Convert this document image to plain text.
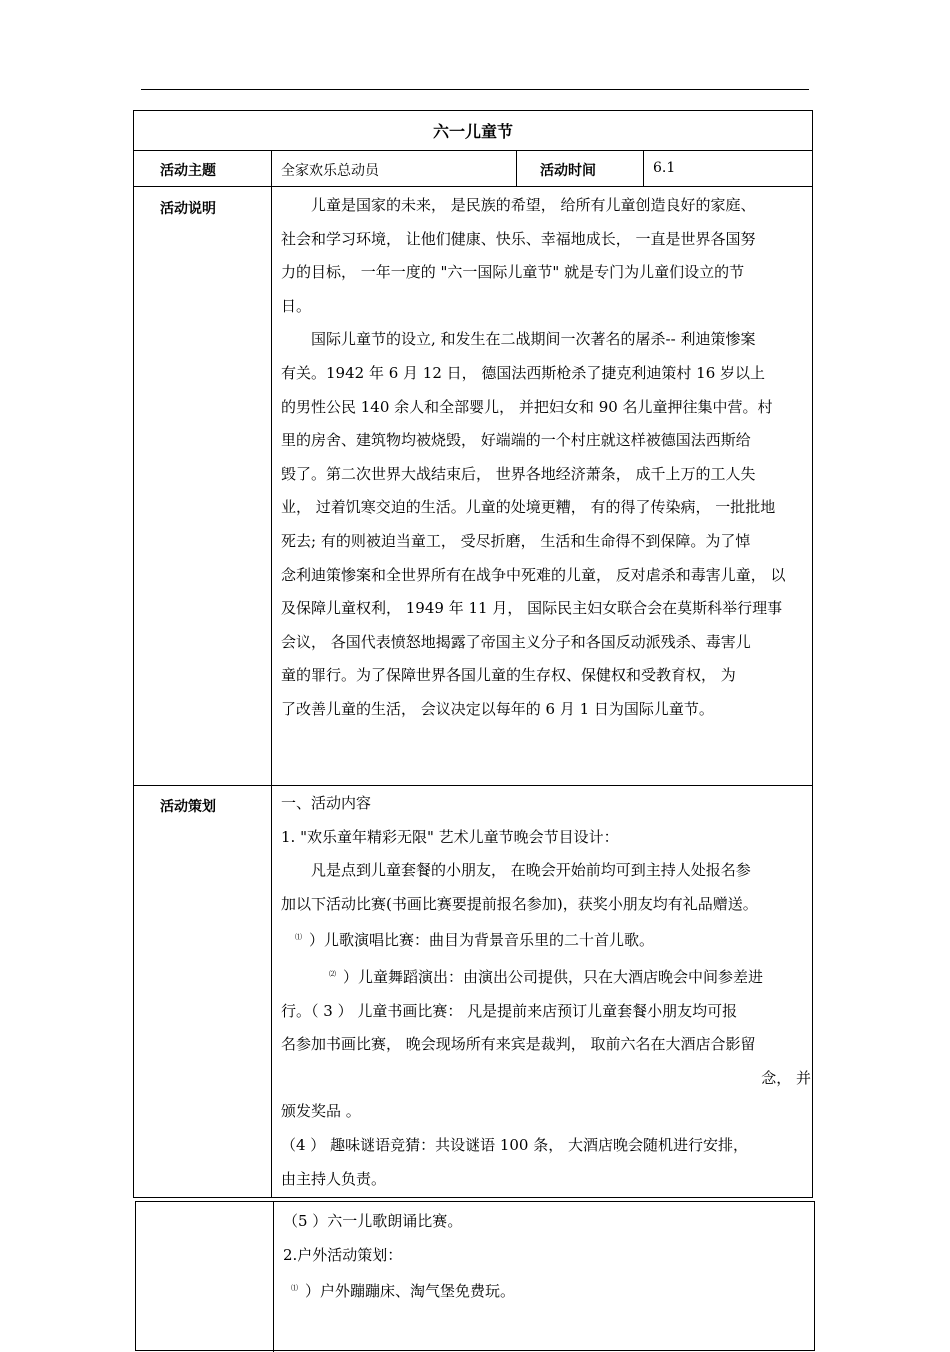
六一儿童节
活动主题	全家欢乐总动员	活动时间	6.1
活动说明	儿童是国家的未来， 是民族的希望， 给所有儿童创造良好的家庭、

社会和学习环境， 让他们健康、快乐、幸福地成长， 一直是世界各国努

力的目标， 一年一度的 "六一国际儿童节" 就是专门为儿童们设立的节

日。

国际儿童节的设立, 和发生在二战期间一次著名的屠杀-- 利迪策惨案

有关。1942 年 6 月 12 日， 德国法西斯枪杀了捷克利迪策村 16 岁以上

的男性公民 140 余人和全部婴儿， 并把妇女和 90 名儿童押往集中营。村

里的房舍、建筑物均被烧毁， 好端端的一个村庄就这样被德国法西斯给

毁了。第二次世界大战结束后， 世界各地经济萧条， 成千上万的工人失

业， 过着饥寒交迫的生活。儿童的处境更糟， 有的得了传染病， 一批批地

死去; 有的则被迫当童工， 受尽折磨， 生活和生命得不到保障。为了悼

念利迪策惨案和全世界所有在战争中死难的儿童， 反对虐杀和毒害儿童， 以

及保障儿童权利， 1949 年 11 月， 国际民主妇女联合会在莫斯科举行理事

会议， 各国代表愤怒地揭露了帝国主义分子和各国反动派残杀、毒害儿

童的罪行。为了保障世界各国儿童的生存权、保健权和受教育权， 为

了改善儿童的生活， 会议决定以每年的 6 月 1 日为国际儿童节。

活动策划	一、活动内容

1. "欢乐童年精彩无限" 艺术儿童节晚会节目设计：

凡是点到儿童套餐的小朋友， 在晚会开始前均可到主持人处报名参

加以下活动比赛(书画比赛要提前报名参加)，获奖小朋友均有礼品赠送。

⑴ ）儿歌演唱比赛：曲目为背景音乐里的二十首儿歌。

⑵ ）儿童舞蹈演出：由演出公司提供，只在大酒店晚会中间参差进

行。（ 3 ） 儿童书画比赛： 凡是提前来店预订儿童套餐小朋友均可报

名参加书画比赛， 晚会现场所有来宾是裁判， 取前六名在大酒店合影留

念， 并

颁发奖品 。

（4 ） 趣味谜语竞猜：共设谜语 100 条， 大酒店晚会随机进行安排，

由主持人负责。

（5 ）六一儿歌朗诵比赛。

2.户外活动策划：

⑴ ）户外蹦蹦床、淘气堡免费玩。
